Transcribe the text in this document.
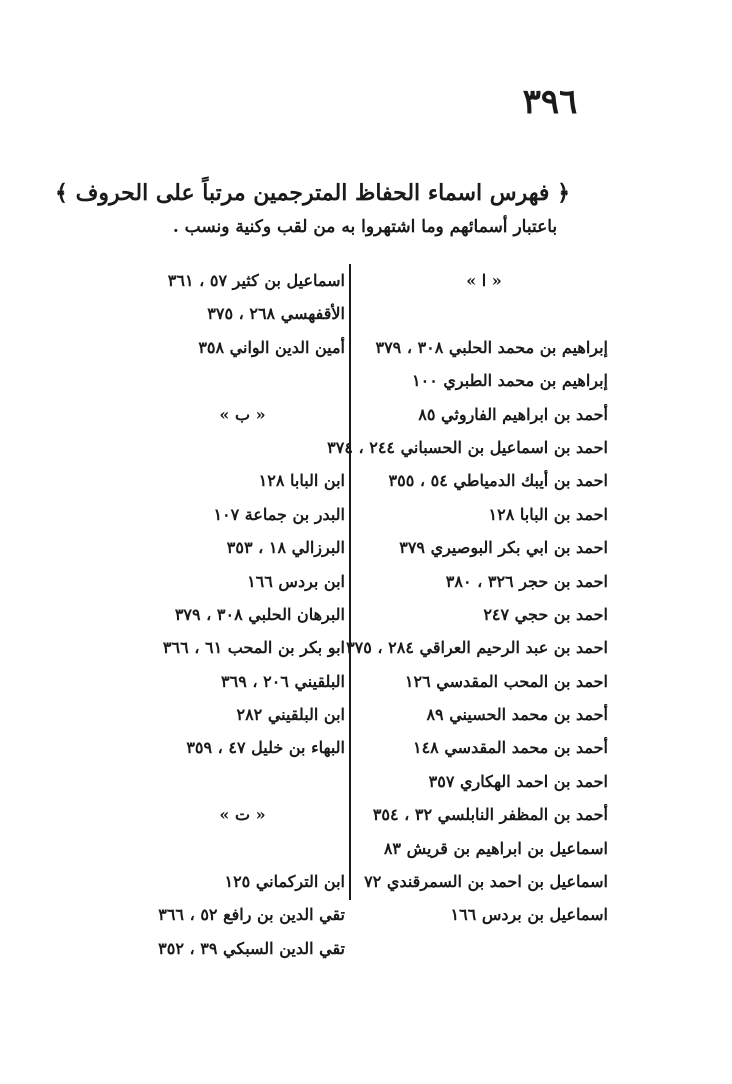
٣٩٦
﴿ فهرس اسماء الحفاظ المترجمين مرتباً على الحروف ﴾
باعتبار أسمائهم وما اشتهروا به من لقب وكنية ونسب .
« ا »
إبراهيم بن محمد الحلبي ٣٠٨ ، ٣٧٩
إبراهيم بن محمد الطبري ١٠٠
أحمد بن ابراهيم الفاروثي ٨٥
احمد بن اسماعيل بن الحسباني ٢٤٤ ، ٣٧٤
احمد بن أيبك الدمياطي ٥٤ ، ٣٥٥
احمد بن البابا ١٢٨
احمد بن ابي بكر البوصيري ٣٧٩
احمد بن حجر ٣٢٦ ، ٣٨٠
احمد بن حجي ٢٤٧
احمد بن عبد الرحيم العراقي ٢٨٤ ، ٣٧٥
احمد بن المحب المقدسي ١٢٦
أحمد بن محمد الحسيني ٨٩
أحمد بن محمد المقدسي ١٤٨
احمد بن احمد الهكاري ٣٥٧
أحمد بن المظفر النابلسي ٣٢ ، ٣٥٤
اسماعيل بن ابراهيم بن قريش ٨٣
اسماعيل بن احمد بن السمرقندي ٧٢
اسماعيل بن بردس ١٦٦
اسماعيل بن كثير ٥٧ ، ٣٦١
الأقفهسي ٢٦٨ ، ٣٧٥
أمين الدين الواني ٣٥٨
« ب »
ابن البابا ١٢٨
البدر بن جماعة ١٠٧
البرزالي ١٨ ، ٣٥٣
ابن بردس ١٦٦
البرهان الحلبي ٣٠٨ ، ٣٧٩
ابو بكر بن المحب ٦١ ، ٣٦٦
البلقيني ٢٠٦ ، ٣٦٩
ابن البلقيني ٢٨٢
البهاء بن خليل ٤٧ ، ٣٥٩
« ت »
ابن التركماني ١٢٥
تقي الدين بن رافع ٥٢ ، ٣٦٦
تقي الدين السبكي ٣٩ ، ٣٥٢
